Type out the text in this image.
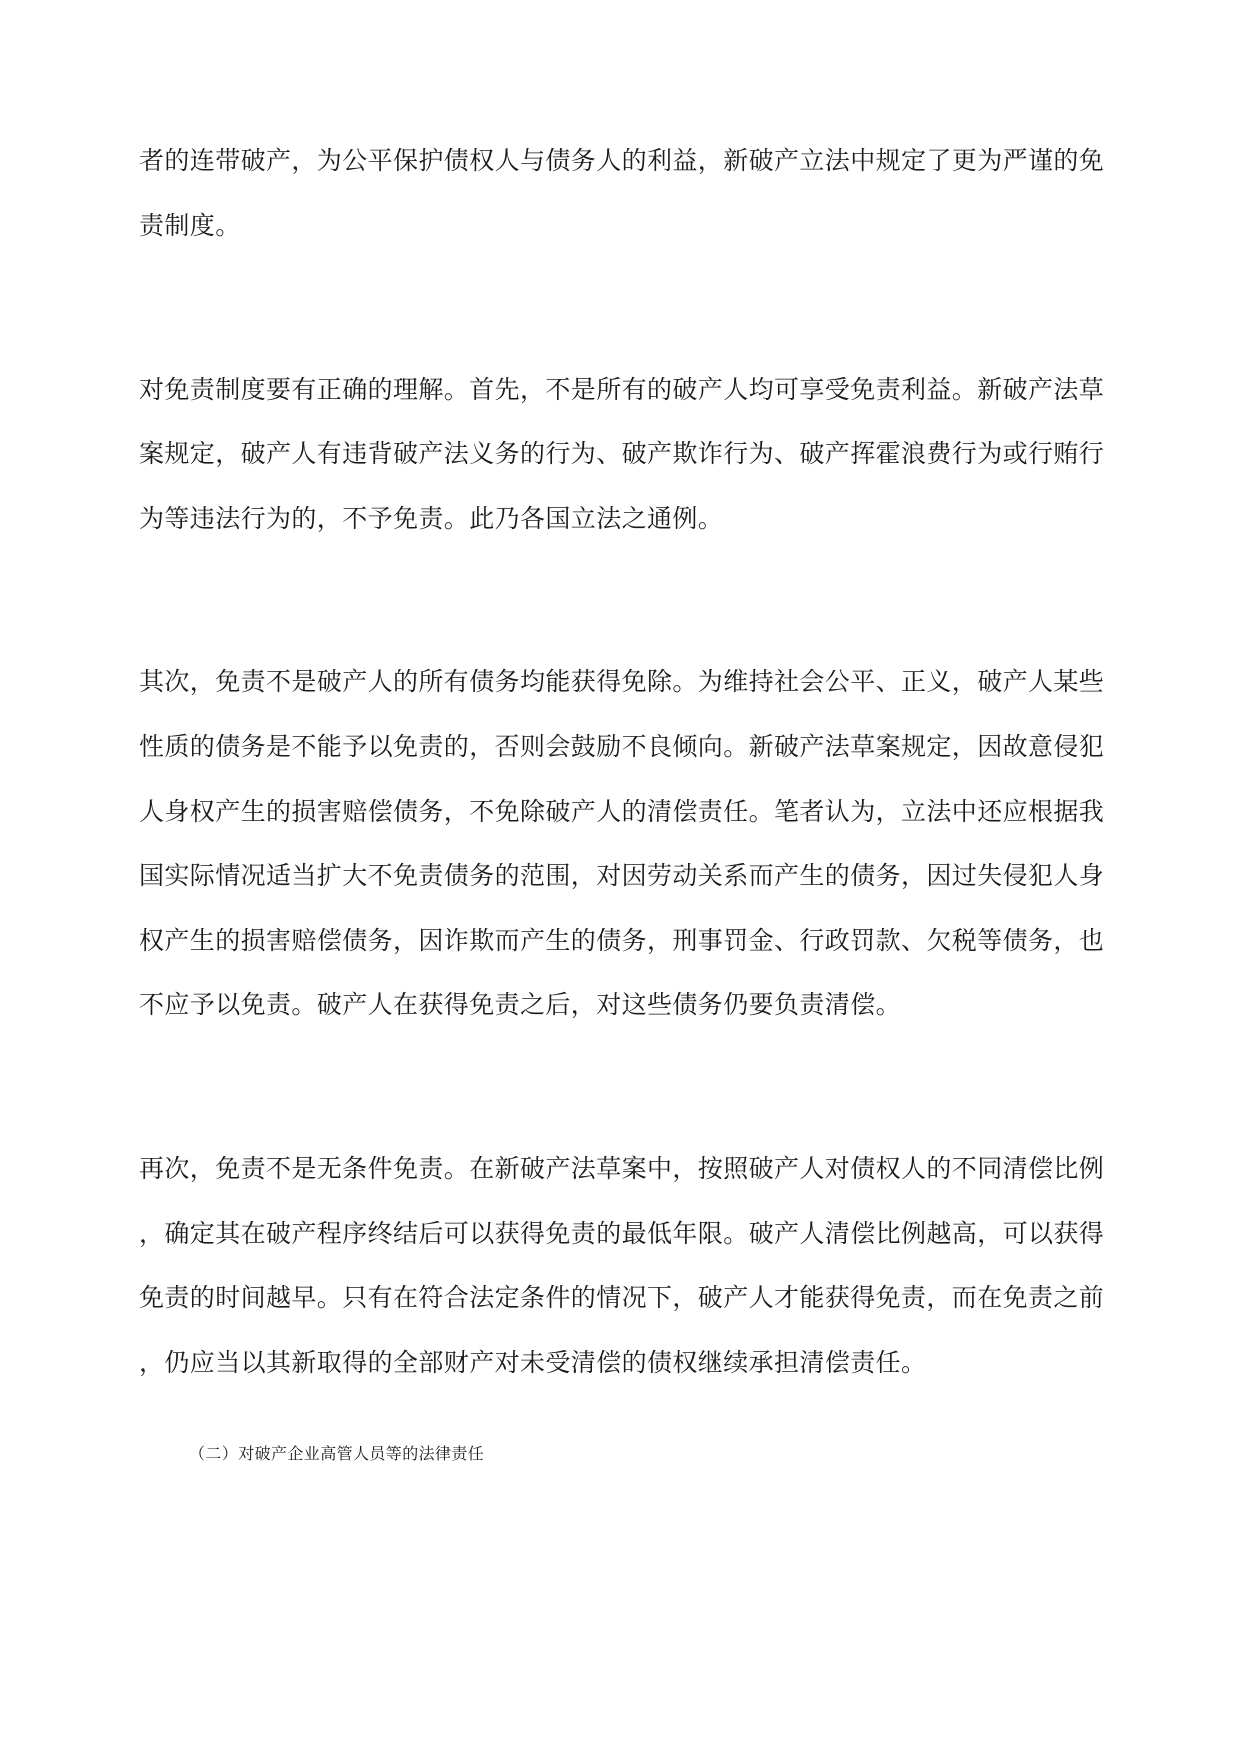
者的连带破产，为公平保护债权人与债务人的利益，新破产立法中规定了更为严谨的免
责制度。
对免责制度要有正确的理解。首先，不是所有的破产人均可享受免责利益。新破产法草
案规定，破产人有违背破产法义务的行为、破产欺诈行为、破产挥霍浪费行为或行贿行
为等违法行为的，不予免责。此乃各国立法之通例。
其次，免责不是破产人的所有债务均能获得免除。为维持社会公平、正义，破产人某些
性质的债务是不能予以免责的，否则会鼓励不良倾向。新破产法草案规定，因故意侵犯
人身权产生的损害赔偿债务，不免除破产人的清偿责任。笔者认为，立法中还应根据我
国实际情况适当扩大不免责债务的范围，对因劳动关系而产生的债务，因过失侵犯人身
权产生的损害赔偿债务，因诈欺而产生的债务，刑事罚金、行政罚款、欠税等债务，也
不应予以免责。破产人在获得免责之后，对这些债务仍要负责清偿。
再次，免责不是无条件免责。在新破产法草案中，按照破产人对债权人的不同清偿比例
，确定其在破产程序终结后可以获得免责的最低年限。破产人清偿比例越高，可以获得
免责的时间越早。只有在符合法定条件的情况下，破产人才能获得免责，而在免责之前
，仍应当以其新取得的全部财产对未受清偿的债权继续承担清偿责任。
（二）对破产企业高管人员等的法律责任
